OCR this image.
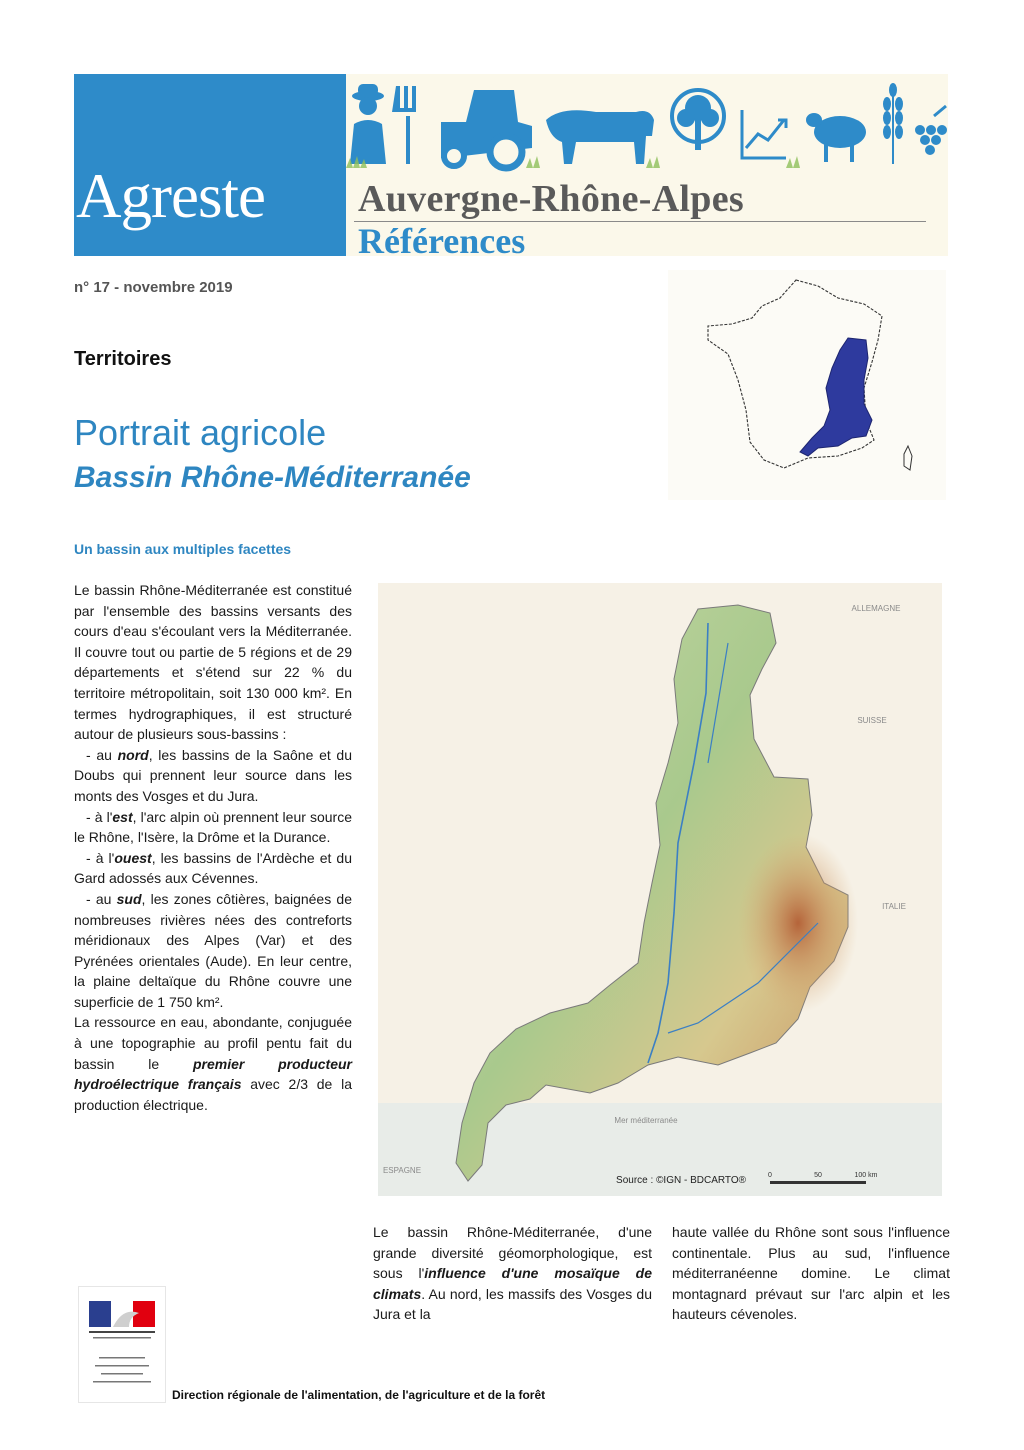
Agreste Auvergne-Rhône-Alpes
Références
n° 17 - novembre 2019
Territoires
Portrait agricole
Bassin Rhône-Méditerranée
Un bassin aux multiples facettes

Le bassin Rhône-Méditerranée est constitué par l'ensemble des bassins versants des cours d'eau s'écoulant vers la Méditerranée. Il couvre tout ou partie de 5 régions et de 29 départements et s'étend sur 22 % du territoire métropolitain, soit 130 000 km². En termes hydrographiques, il est structuré autour de plusieurs sous-bassins :

- au nord, les bassins de la Saône et du Doubs qui prennent leur source dans les monts des Vosges et du Jura.

- à l'est, l'arc alpin où prennent leur source le Rhône, l'Isère, la Drôme et la Durance.

- à l'ouest, les bassins de l'Ardèche et du Gard adossés aux Cévennes.

- au sud, les zones côtières, baignées de nombreuses rivières nées des contreforts méridionaux des Alpes (Var) et des Pyrénées orientales (Aude). En leur centre, la plaine deltaïque du Rhône couvre une superficie de 1 750 km².

La ressource en eau, abondante, conjuguée à une topographie au profil pentu fait du bassin le premier producteur hydroélectrique français avec 2/3 de la production électrique.

ALLEMAGNE
SUISSE
ITALIE
ESPAGNE
Mer méditerranée
0	50	100 km
Source : ©IGN - BDCARTO®

Le bassin Rhône-Méditerranée, d'une grande diversité géomorphologique, est sous l'influence d'une mosaïque de climats. Au nord, les massifs des Vosges du Jura et la

haute vallée du Rhône sont sous l'influence continentale. Plus au sud, l'influence méditerranéenne domine. Le climat montagnard prévaut sur l'arc alpin et les hauteurs cévenoles.

Direction régionale de l'alimentation, de l'agriculture et de la forêt
